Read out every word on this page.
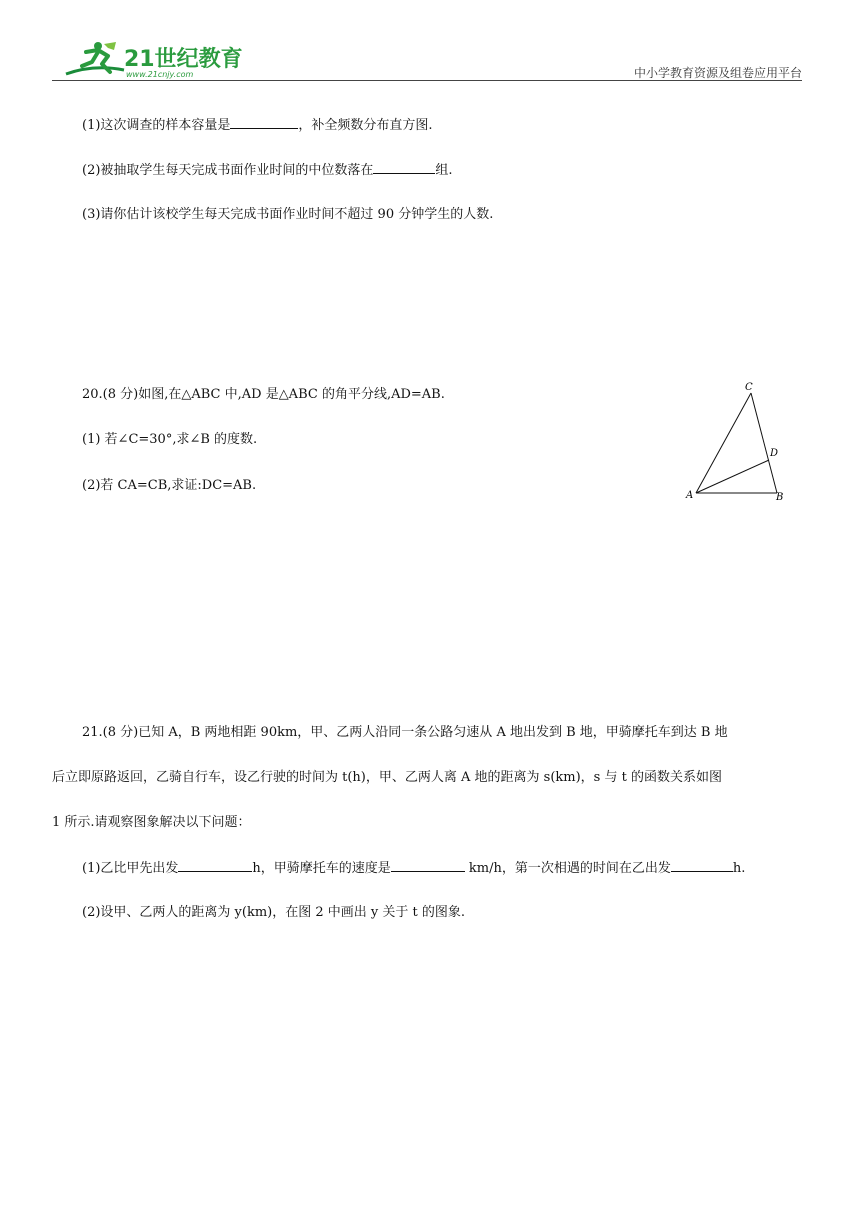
21世纪教育
www.21cnjy.com	中小学教育资源及组卷应用平台
(1)这次调查的样本容量是	，补全频数分布直方图.
(2)被抽取学生每天完成书面作业时间的中位数落在	组.
(3)请你估计该校学生每天完成书面作业时间不超过 90 分钟学生的人数.
20.(8 分)如图,在△ABC 中,AD 是△ABC 的角平分线,AD=AB.
(1) 若∠C=30°,求∠B 的度数.
(2)若 CA=CB,求证:DC=AB.
C
D
A	B
21.(8 分)已知 A，B 两地相距 90km，甲、乙两人沿同一条公路匀速从 A 地出发到 B 地，甲骑摩托车到达 B 地
后立即原路返回，乙骑自行车，设乙行驶的时间为 t(h)，甲、乙两人离 A 地的距离为 s(km)，s 与 t 的函数关系如图
1 所示.请观察图象解决以下问题：
(1)乙比甲先出发	h，甲骑摩托车的速度是	km/h，第一次相遇的时间在乙出发	h.
(2)设甲、乙两人的距离为 y(km)，在图 2 中画出 y 关于 t 的图象.
